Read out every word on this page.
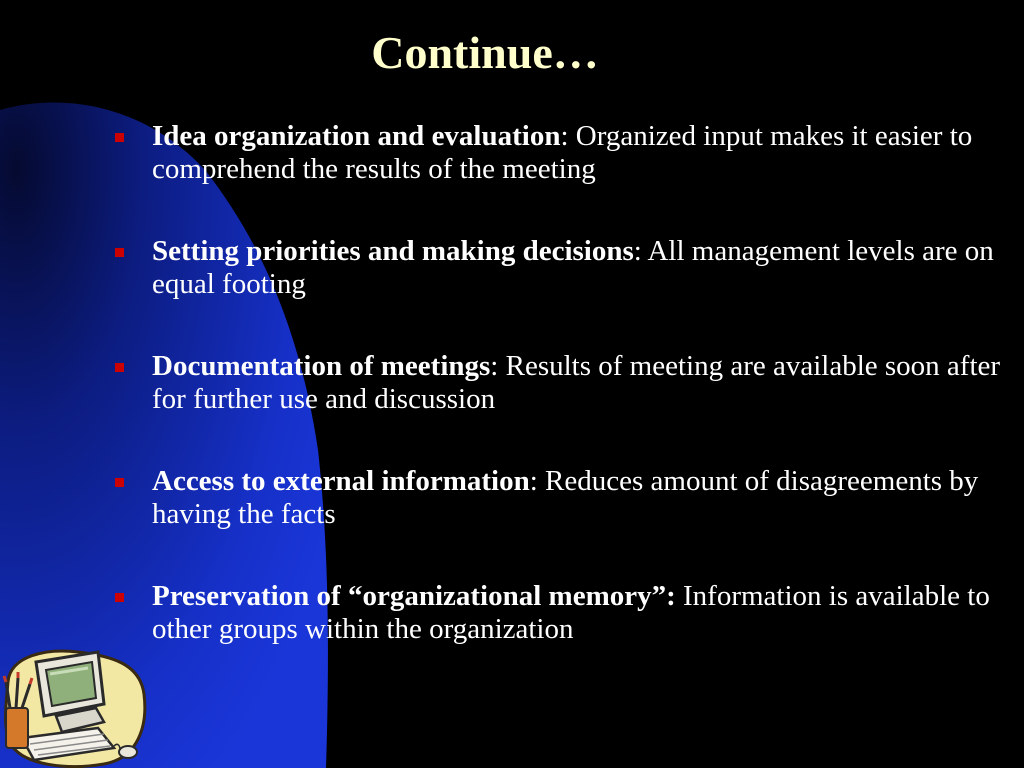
Continue…
Idea organization and evaluation: Organized input makes it easier to comprehend the results of the meeting
Setting priorities and making decisions: All management levels are on equal footing
Documentation of meetings: Results of meeting are available soon after for further use and discussion
Access to external information: Reduces amount of disagreements by having the facts
Preservation of “organizational memory”: Information is available to other groups within the organization
